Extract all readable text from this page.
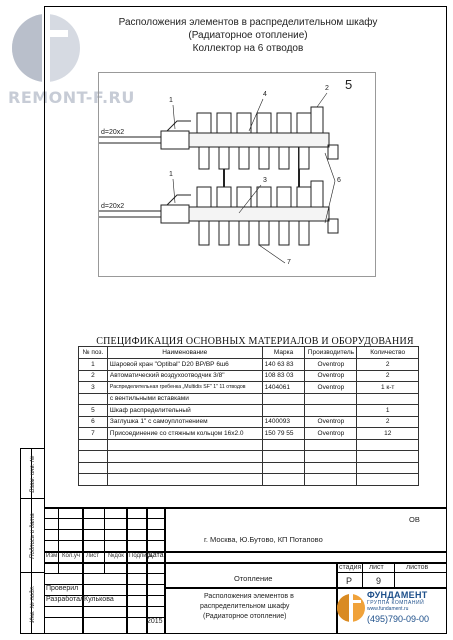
REMONT-F.RU
Расположения элементов в распределительном шкафу
(Радиаторное отопление)
Коллектор на 6 отводов
5
d=20x2
d=20x2
1
2
3
4
6
7
1
СПЕЦИФИКАЦИЯ ОСНОВНЫХ МАТЕРИАЛОВ И ОБОРУДОВАНИЯ
№ поз.	Наименование	Марка	Производитель	Количество
1	Шаровой кран "Optibal" D20 ВР/ВР 6ш6	140 63 83	Oventrop	2
2	Автоматический воздухоотводчик 3/8"	108 83 03	Oventrop	2
3	Распределительная гребенка „Multidis SF" 1" 11 отводов	1404061	Oventrop	1 к-т
	с вентильными вставками			
5	Шкаф распределительный			1
6	Заглушка 1" с самоуплотнением	1400093	Oventrop	2
7	Присоединение со стяжным кольцом 16x2.0	150 79 55	Oventrop	12

Взам. инв. №
Подпись и дата
Инв. № подл.
ОВ
г. Москва, Ю.Бутово, КП Потапово
Изм Кол.уч Лист №док Подпись
Дата
Отопление
стадия лист	листов
Р	9
Проверил
Разработал Кулькова
2015
Расположения элементов в
распределительном шкафу
(Радиаторное отопление)
ФУНДАМЕНТ
ГРУППА КОМПАНИЙ
www.fundament.ru
(495)790-09-00
